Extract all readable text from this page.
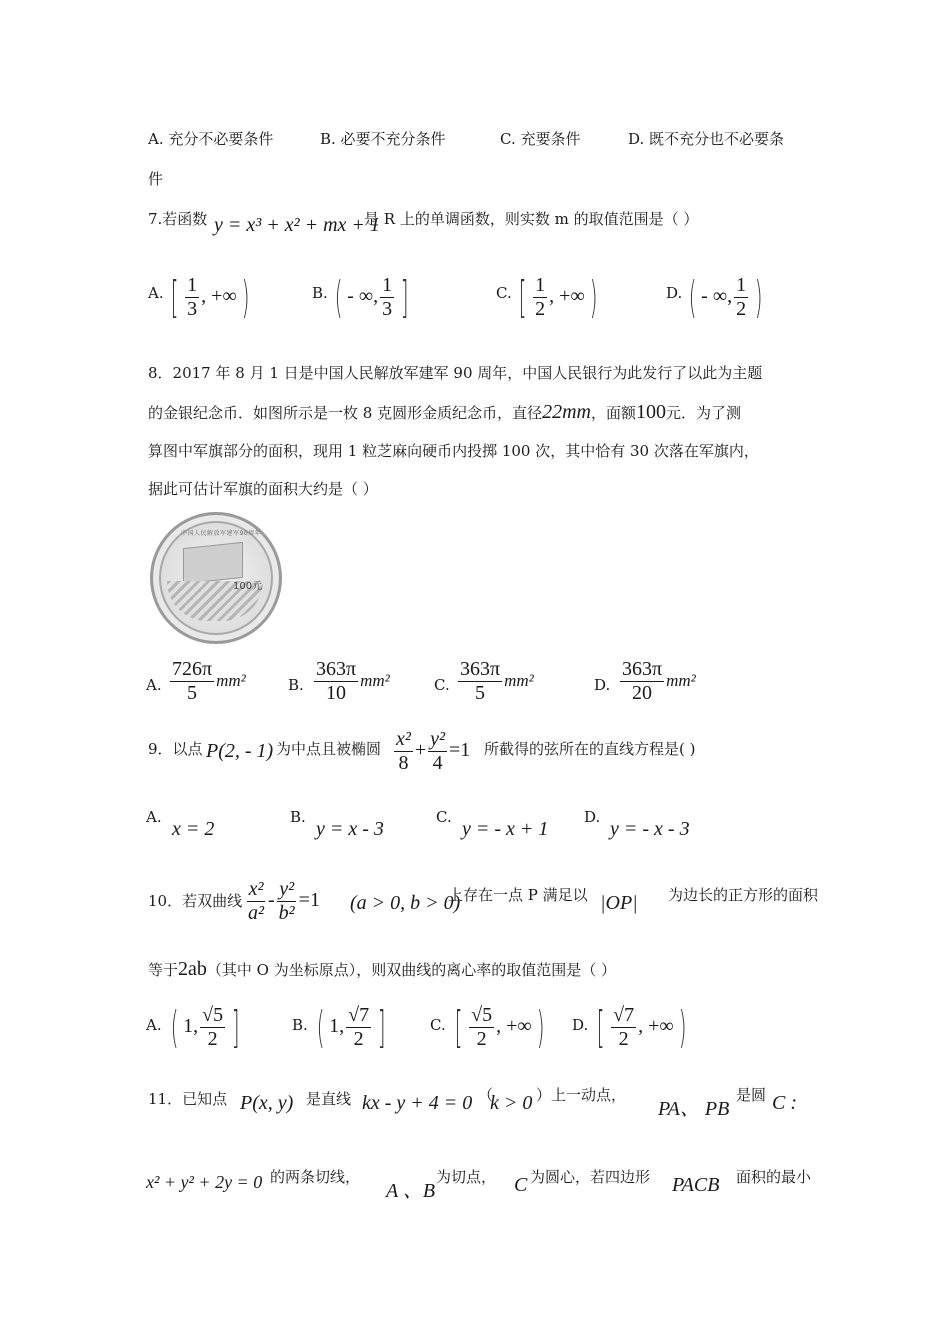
A. 充分不必要条件	B. 必要不充分条件	C. 充要条件	D. 既不充分也不必要条
件
7.若函数 y = x³ + x² + mx + 1
是 R 上的单调函数，则实数 m 的取值范围是（ ）
A. [ $\frac{1}{3}$ , +∞ )	B. ( - ∞, $\frac{1}{3}$ ]	C. [ $\frac{1}{2}$ , +∞ )	D. ( - ∞, $\frac{1}{2}$ )
8．2017 年 8 月 1 日是中国人民解放军建军 90 周年，中国人民银行为此发行了以此为主题
的金银纪念币．如图所示是一枚 8 克圆形金质纪念币，直径22mm，面额100元．为了测
算图中军旗部分的面积，现用 1 粒芝麻向硬币内投掷 100 次，其中恰有 30 次落在军旗内，
据此可估计军旗的面积大约是（ ）
中国人民解放军建军90周年
100元
A. $\frac{726\pi}{5} mm^2$	B. $\frac{363\pi}{10} mm^2$	C. $\frac{363\pi}{5} mm^2$	D. $\frac{363\pi}{20} mm^2$
9．以点 P(2, - 1) 为中点且被椭圆 $\frac{\text{x²}}{8} + \frac{\text{y²}}{4} =1$ 所截得的弦所在的直线方程是( )
A.
x = 2
B.
y = x - 3
C.
y = - x + 1
D.
y = - x - 3
10．若双曲线 $\frac{\text{x²}}{\text{a²}} - \frac{\text{y²}}{\text{b²}} =1$ (a > 0, b > 0)
上存在一点 P 满足以 |OP| 为边长的正方形的面积
等于2ab（其中 O 为坐标原点），则双曲线的离心率的取值范围是（ ）
A. ( 1, $\frac{√5}{2}$ ]	B. ( 1, $\frac{√7}{2}$ ]	C. [ $\frac{√5}{2}$ , +∞ )	D. [ $\frac{√7}{2}$ , +∞ )
11．已知点 P(x, y) 是直线 kx - y + 4 = 0 （
k > 0 ）上一动点，
PA、 PB
是圆 C :
x² + y² + 2y = 0 的两条切线，
A 、B
为切点， C 为圆心，若四边形 PACB 面积的最小
